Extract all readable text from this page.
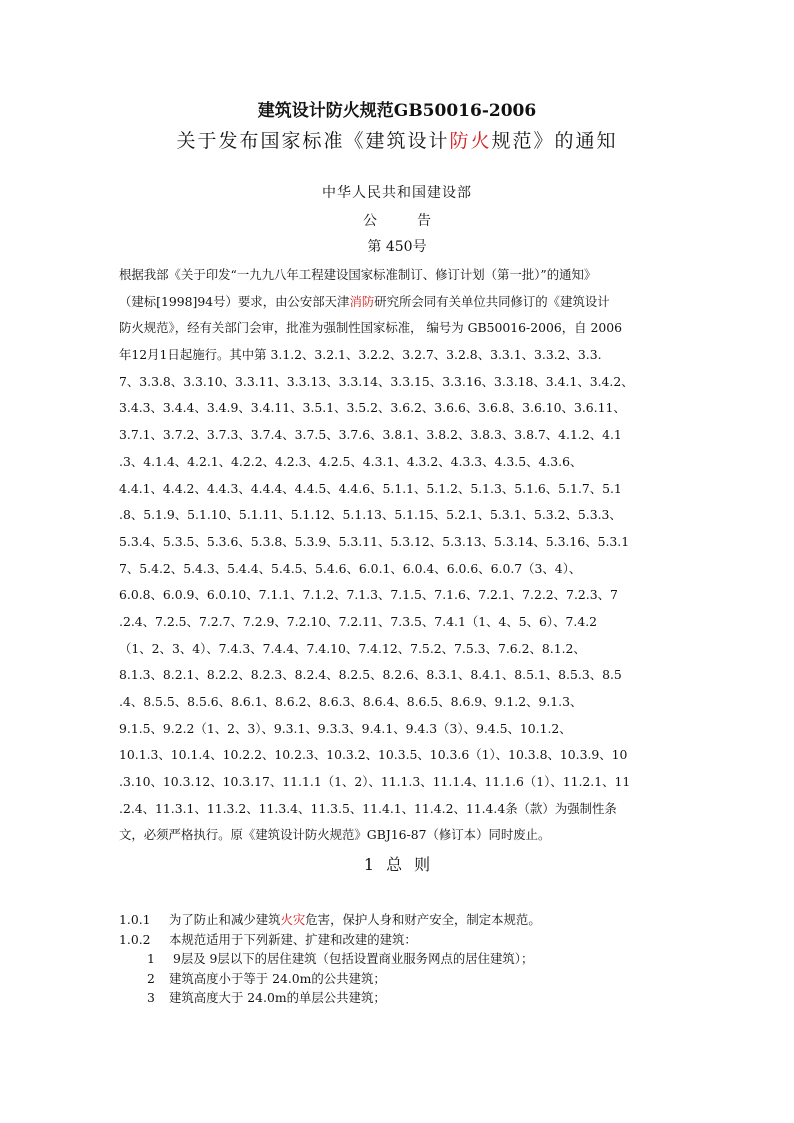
建筑设计防火规范GB50016-2006
关于发布国家标准《建筑设计防火规范》的通知
中华人民共和国建设部
公	告
第 450号
根据我部《关于印发“一九九八年工程建设国家标准制订、修订计划（第一批）”的通知》
（建标[1998]94号）要求，由公安部天津消防研究所会同有关单位共同修订的《建筑设计
防火规范》，经有关部门会审，批准为强制性国家标准， 编号为 GB50016-2006，自 2006
年12月1日起施行。其中第 3.1.2、3.2.1、3.2.2、3.2.7、3.2.8、3.3.1、3.3.2、3.3.
7、3.3.8、3.3.10、3.3.11、3.3.13、3.3.14、3.3.15、3.3.16、3.3.18、3.4.1、3.4.2、
3.4.3、3.4.4、3.4.9、3.4.11、3.5.1、3.5.2、3.6.2、3.6.6、3.6.8、3.6.10、3.6.11、
3.7.1、3.7.2、3.7.3、3.7.4、3.7.5、3.7.6、3.8.1、3.8.2、3.8.3、3.8.7、4.1.2、4.1
.3、4.1.4、4.2.1、4.2.2、4.2.3、4.2.5、4.3.1、4.3.2、4.3.3、4.3.5、4.3.6、
4.4.1、4.4.2、4.4.3、4.4.4、4.4.5、4.4.6、5.1.1、5.1.2、5.1.3、5.1.6、5.1.7、5.1
.8、5.1.9、5.1.10、5.1.11、5.1.12、5.1.13、5.1.15、5.2.1、5.3.1、5.3.2、5.3.3、
5.3.4、5.3.5、5.3.6、5.3.8、5.3.9、5.3.11、5.3.12、5.3.13、5.3.14、5.3.16、5.3.1
7、5.4.2、5.4.3、5.4.4、5.4.5、5.4.6、6.0.1、6.0.4、6.0.6、6.0.7（3、4）、
6.0.8、6.0.9、6.0.10、7.1.1、7.1.2、7.1.3、7.1.5、7.1.6、7.2.1、7.2.2、7.2.3、7
.2.4、7.2.5、7.2.7、7.2.9、7.2.10、7.2.11、7.3.5、7.4.1（1、4、5、6）、7.4.2
（1、2、3、4）、7.4.3、7.4.4、7.4.10、7.4.12、7.5.2、7.5.3、7.6.2、8.1.2、
8.1.3、8.2.1、8.2.2、8.2.3、8.2.4、8.2.5、8.2.6、8.3.1、8.4.1、8.5.1、8.5.3、8.5
.4、8.5.5、8.5.6、8.6.1、8.6.2、8.6.3、8.6.4、8.6.5、8.6.9、9.1.2、9.1.3、
9.1.5、9.2.2（1、2、3）、9.3.1、9.3.3、9.4.1、9.4.3（3）、9.4.5、10.1.2、
10.1.3、10.1.4、10.2.2、10.2.3、10.3.2、10.3.5、10.3.6（1）、10.3.8、10.3.9、10
.3.10、10.3.12、10.3.17、11.1.1（1、2）、11.1.3、11.1.4、11.1.6（1）、11.2.1、11
.2.4、11.3.1、11.3.2、11.3.4、11.3.5、11.4.1、11.4.2、11.4.4条（款）为强制性条
文，必须严格执行。原《建筑设计防火规范》GBJ16-87（修订本）同时废止。
1 总 则
1.0.1 为了防止和减少建筑火灾危害，保护人身和财产安全，制定本规范。
1.0.2 本规范适用于下列新建、扩建和改建的建筑：
1 9层及 9层以下的居住建筑（包括设置商业服务网点的居住建筑）；
2 建筑高度小于等于 24.0m的公共建筑；
3 建筑高度大于 24.0m的单层公共建筑；
